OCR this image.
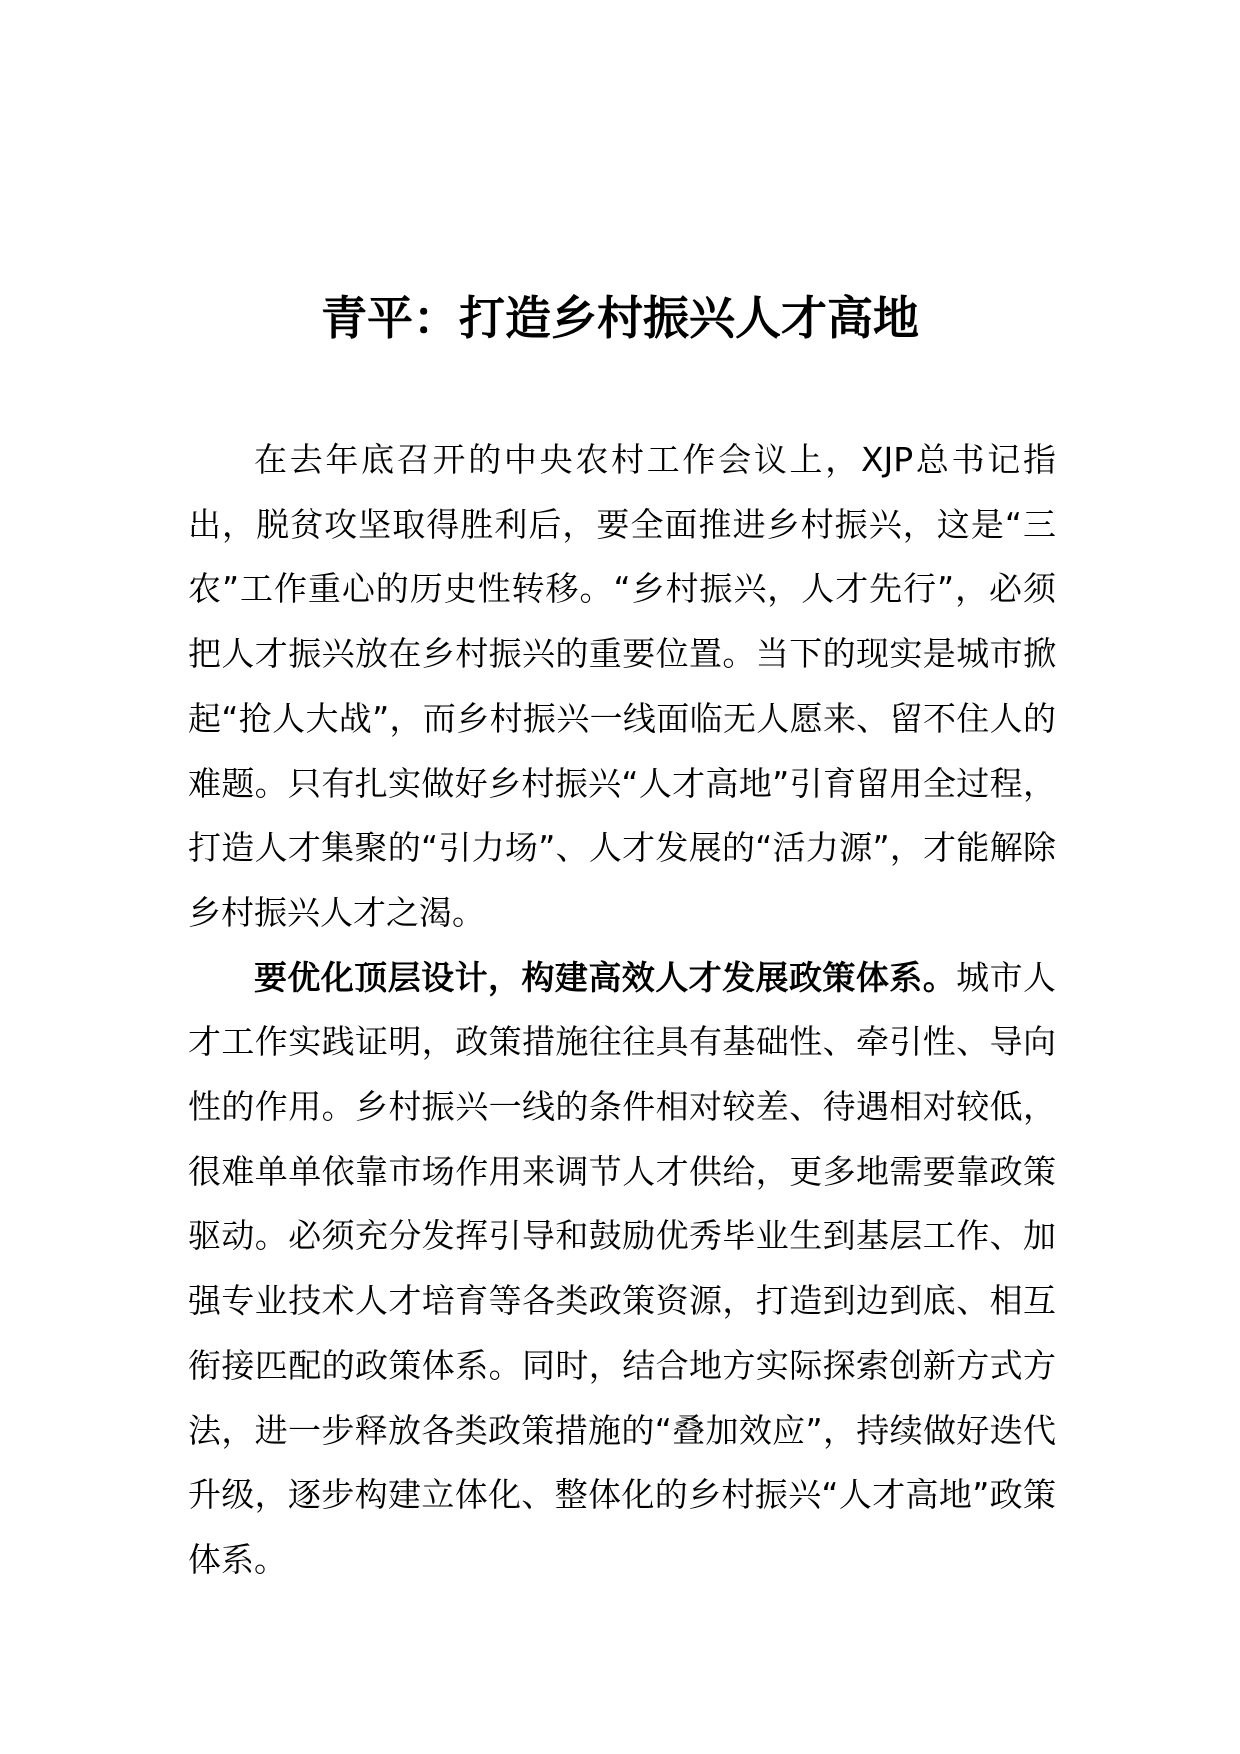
青平：打造乡村振兴人才高地

在去年底召开的中央农村工作会议上，XJP总书记指出，脱贫攻坚取得胜利后，要全面推进乡村振兴，这是“三农”工作重心的历史性转移。“乡村振兴，人才先行”，必须把人才振兴放在乡村振兴的重要位置。当下的现实是城市掀起“抢人大战”，而乡村振兴一线面临无人愿来、留不住人的难题。只有扎实做好乡村振兴“人才高地”引育留用全过程，打造人才集聚的“引力场”、人才发展的“活力源”，才能解除乡村振兴人才之渴。

要优化顶层设计，构建高效人才发展政策体系。城市人才工作实践证明，政策措施往往具有基础性、牵引性、导向性的作用。乡村振兴一线的条件相对较差、待遇相对较低，很难单单依靠市场作用来调节人才供给，更多地需要靠政策驱动。必须充分发挥引导和鼓励优秀毕业生到基层工作、加强专业技术人才培育等各类政策资源，打造到边到底、相互衔接匹配的政策体系。同时，结合地方实际探索创新方式方法，进一步释放各类政策措施的“叠加效应”，持续做好迭代升级，逐步构建立体化、整体化的乡村振兴“人才高地”政策体系。
